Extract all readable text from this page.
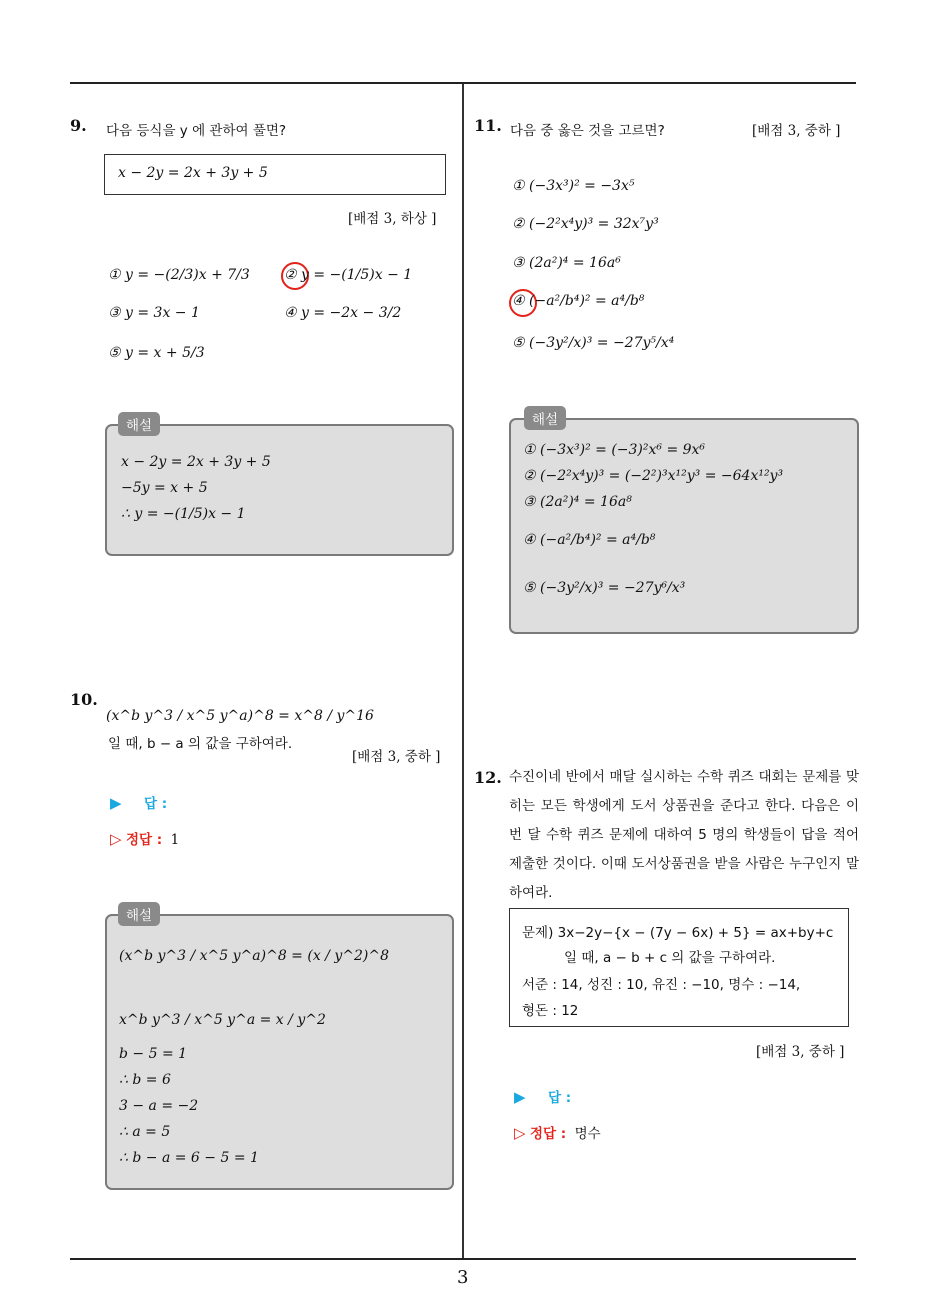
3
9. 다음 등식을 y 에 관하여 풀면?
x − 2y = 2x + 3y + 5
[배점 3, 하상 ]
① y = −(2/3)x + 7/3 ② y = −(1/5)x − 1
③ y = 3x − 1	④ y = −2x − 3/2
⑤ y = x + 5/3
x − 2y = 2x + 3y + 5
−5y = x + 5
∴ y = −(1/5)x − 1
해설
10.
(x^b y^3 / x^5 y^a)^8 = x^8 / y^16
일 때, b − a 의 값을 구하여라.
[배점 3, 중하 ]
▶ 답 :
▷ 정답 : 1
(x^b y^3 / x^5 y^a)^8 = (x / y^2)^8
x^b y^3 / x^5 y^a = x / y^2
b − 5 = 1
∴ b = 6
3 − a = −2
∴ a = 5
∴ b − a = 6 − 5 = 1
해설
11. 다음 중 옳은 것을 고르면?	[배점 3, 중하 ]
① (−3x³)² = −3x⁵
② (−2²x⁴y)³ = 32x⁷y³
③ (2a²)⁴ = 16a⁶
④ (−a²/b⁴)² = a⁴/b⁸
⑤ (−3y²/x)³ = −27y⁵/x⁴
① (−3x³)² = (−3)²x⁶ = 9x⁶
② (−2²x⁴y)³ = (−2²)³x¹²y³ = −64x¹²y³
③ (2a²)⁴ = 16a⁸
④ (−a²/b⁴)² = a⁴/b⁸
⑤ (−3y²/x)³ = −27y⁶/x³
해설
12. 수진이네 반에서 매달 실시하는 수학 퀴즈 대회는 문제를 맞히는 모든 학생에게 도서 상품권을 준다고 한다. 다음은 이번 달 수학 퀴즈 문제에 대하여 5 명의 학생들이 답을 적어 제출한 것이다. 이때 도서상품권을 받을 사람은 누구인지 말하여라.
문제) 3x−2y−{x − (7y − 6x) + 5} = ax+by+c
일 때, a − b + c 의 값을 구하여라.
서준 : 14, 성진 : 10, 유진 : −10, 명수 : −14,
형돈 : 12
[배점 3, 중하 ]
▶ 답 :
▷ 정답 : 명수
